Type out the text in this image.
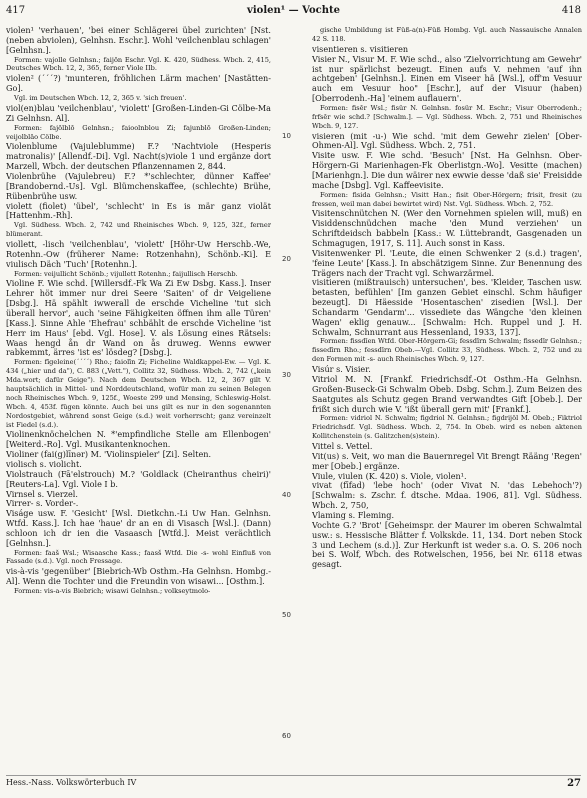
417	violen¹ — Vochte	418

violen¹ 'verhauen', 'bei einer Schlägerei übel zurichten' [Nst. (neben abviolen), Gelnhsn. Eschr.]. Wohl 'veilchenblau schlagen' [Gelnhsn.].

Formen: vajolle Gelnhsn.; faijōn Eschr. Vgl. K. 420, Südhess. Wbch. 2, 415, Deutsches Wbch. 12, 2, 365, ferner Viole IIb.

violen² (´´´?) 'munteren, fröhlichen Lärm machen' [Nastätten-Go].

Vgl. im Deutschen Wbch. 12, 2, 365 v. 'sich freuen'.

viol(en)blau 'veilchenblau', 'violett' [Großen-Linden-Gi Cölbe-Ma Zi Gelnhsn. Al].

Formen: fajōlblō Gelnhsn.; faioolnblou Zi; fajunblō Großen-Linden; veijolblāo Cölbe.

Violenblume (Vajuleblumme) F.? 'Nachtviole (Hesperis matronalis)' [Allendf.-Di]. Vgl. Nacht(s)viole 1 und ergänze dort Marzell, Wbch. der deutschen Pflanzennamen 2, 844.

Violenbrühe (Vajulebreu) F.? *'schlechter, dünner Kaffee' [Brandobernd.-Us]. Vgl. Blümchenskaffee, (schlechte) Brühe, Rübenbrühe usw.

violett (fiolet) 'übel', 'schlecht' in Es is mär ganz violät [Hattenhm.-Rh].

Vgl. Südhess. Wbch. 2, 742 und Rheinisches Wbch. 9, 125, 32f., ferner blümerant.

viollett, -lisch 'veilchenblau', 'violett' [Höhr-Uw Herschb.-We, Rotenhn.-Ow (früherer Name: Rotzenhahn), Schönb.-Ki]. E viulisch Däch 'Tuch' [Rotenhn.].

Formen: veijullicht Schönb.; vijullett Rotenhn.; faijullisch Herschb.

Violine F. Wie schd. [Willersdf.-Fk Wa Zi Ew Dsbg. Kass.]. Inser Lehrer höt immer nur drei Seere 'Saiten' of dr Veigeliene [Dsbg.]. Hä spählt iwwerall de erschde Vicheline 'tut sich überall hervor', auch 'seine Fähigkeiten öffnen ihm alle Türen' [Kass.]. Sinne Ahle 'Ehefrau' schbählt de erschde Vicheline 'ist Herr im Haus' [ebd. Vgl. Hose]. V. als Lösung eines Rätsels: Waas hengd ån dr Wand on ås druweg. Wenns ewwer rabkemmt, ärres 'ist es' lösdeg? [Dsbg.].

Formen: fīgeleine(´´´´) Rho.; faiolīn Zi; Ficheline Waldkappel-Ew. — Vgl. K. 434 („hier und da"), C. 883 („Vett."), Collitz 32, Südhess. Wbch. 2, 742 („kein Mda.wort; dafür Geige"). Nach dem Deutschen Wbch. 12, 2, 367 gilt V. hauptsächlich in Mittel- und Norddeutschland, wofür man zu seinen Belegen noch Rheinisches Wbch. 9, 125f., Woeste 299 und Mensing, Schleswig-Holst. Wbch. 4, 453f. fügen könnte. Auch bei uns gilt es nur in den sogenannten Nordostgebiet, während sonst Geige (s.d.) weit vorherrscht; ganz vereinzelt ist Fiedel (s.d.).

Violinenknöchelchen N. *'empfindliche Stelle am Ellenbogen' [Weiterd.-Ro]. Vgl. Musikantenknochen.

Violiner (fai(g)līnər) M. 'Violinspieler' [Zi]. Selten.

violisch s. violicht.

Violstrauch (Fā'elstrouch) M.? 'Goldlack (Cheiranthus cheiri)' [Reuters-La]. Vgl. Viole I b.

Virnsel s. Vierzel.

Virrer- s. Vorder-.

Viságe usw. F. 'Gesicht' [Wsl. Dietkchn.-Li Uw Han. Gelnhsn. Wtfd. Kass.]. Ich hae 'haue' dr an en di Visasch [Wsl.]. (Dann) schloon ich dr ien die Vasaasch [Wtfd.]. Meist verächtlich [Gelnhsn.].

Formen: faaš Wsl.; Wisaasche Kass.; faasš Wtfd. Die -s- wohl Einfluß von Fassade (s.d.). Vgl. noch Fressage.

vis-à-vis 'gegenüber' [Biebrich-Wb Osthm.-Ha Gelnhsn. Hombg.-Al]. Wenn die Tochter und die Freundin von wisawi... [Osthm.].

Formen: vis-a-vis Biebrich; wisawi Gelnhsn.; volkseytmolo-

gische Umbildung ist Füß-a(n)-Füß Hombg. Vgl. auch Nassauische Annalen 42 S. 118.

visentieren s. visitieren

Visier N., Visur M. F. Wie schd., also 'Zielvorrichtung am Gewehr' ist nur spärlichst bezeugt. Einen aufs V. nehmen 'auf ihn achtgeben' [Gelnhsn.]. Einen em Viseer hä [Wsl.], off'm Vesuur auch em Vesuur hoo" [Eschr.], auf der Visuur (haben) [Oberrodenh.-Ha] 'einem auflauern'.

Formen: fisēr Wsl.; fisür N. Gelnhsn. fosür M. Eschr.; Visur Oberrodenh.; frfsēr wie schd.? [Schwalm.]. — Vgl. Südhess. Wbch. 2, 751 und Rheinisches Wbch. 9, 127.

visieren (mit -u-) Wie schd. 'mit dem Gewehr zielen' [Ober-Ohmen-Al]. Vgl. Südhess. Wbch. 2, 751.

Visite usw. F. Wie schd. 'Besuch' [Nst. Ha Gelnhsn. Ober-Hörgern-Gi Marienhagen-Fk Oberlistgn.-Wo]. Vesitte (machen) [Marienhgn.]. Die dun wäirer nex ewwie desse 'daß sie' Freisidde mache [Dsbg]. Vgl. Kaffeevisite.

Formen: fisida Gelnhsn.; Visitt Han.; fisit Ober-Hörgern; frisit, fresit (zu fressen, weil man dabei bewirtet wird) Nst. Vgl. Südhess. Wbch. 2, 752.

Visitenschnütchen N. (Wer den Vornehmen spielen will, muß) en Visiddenschnüdchen mache 'den Mund verziehen' un Schriftdeidsch babbeln [Kass.: W. Lüttebrandt, Gasgenaden un Schmagugen, 1917, S. 11]. Auch sonst in Kass.

Visitenwenker Pl. 'Leute, die einen Schwenker 2 (s.d.) tragen', 'feine Leute' [Kass.]. In abschätzigem Sinne. Zur Benennung des Trägers nach der Tracht vgl. Schwarzärmel.

visitieren (mißtrauisch) untersuchen', bes. 'Kleider, Taschen usw. betasten, befühlen' [Im ganzen Gebiet einschl. Schm häufiger bezeugt]. Di Häesside 'Hosentaschen' zisedien [Wsl.]. Der Schandarm 'Gendarm'... vissediete das Wängche 'den kleinen Wagen' eklig genauw... [Schwalm: Hch. Ruppel und J. H. Schwalm, Schnurrant aus Hessenland, 1933, 137].

Formen: fissdīen Wtfd. Ober-Hörgern-Gi; fessdīrn Schwalm; fissedīr Gelnhsn.; fissedīrn Rho.; fessdīrn Obeb.—Vgl. Collitz 33, Südhess. Wbch. 2, 752 und zu den Formen mit -s- auch Rheinisches Wbch. 9, 127.

Visúr s. Visier.

Vitriol M. N. [Frankf. Friedrichsdf.-Ot Osthm.-Ha Gelnhsn. Großen-Buseck-Gi Schwalm Obeb. Dsbg. Schm.]. Zum Beizen des Saatgutes als Schutz gegen Brand verwandtes Gift [Obeb.]. Der frißt sich durch wie V. 'ißt überall gern mit' [Frankf.].

Formen: vidriol N. Schwalm; figdriol N. Gelnhsn.; figdrijöl M. Obeb.; Fiktriol Friedrichsdf. Vgl. Südhess. Wbch. 2, 754. In Obeb. wird es neben aktenen Kollitchenstein (s. Galitzchen(s)stein).

Vittel s. Vettel.

Vit(us) s. Veit, wo man die Bauernregel Vit Brengt Rääng 'Regen' mer [Obeb.] ergänze.

Viule, viulen (K. 420) s. Viole, violen¹.

vivat (fīfad) 'lebe hoch' (oder Vivat N. 'das Lebehoch'?) [Schwalm: s. Zschr. f. dtsche. Mdaa. 1906, 81]. Vgl. Südhess. Wbch. 2, 750,

Vlaming s. Fleming.

Vochte G.? 'Brot' [Geheimspr. der Maurer im oberen Schwalmtal usw.: s. Hessische Blätter f. Volkskde. 11, 134. Dort neben Stock 3 und Lechem (s.d.)]. Zur Herkunft ist weder s.a. O. S. 206 noch bei S. Wolf, Wbch. des Rotwelschen, 1956, bei Nr. 6118 etwas gesagt.

10
20
30
40
50
60
Hess.-Nass. Volkswörterbuch IV	27
